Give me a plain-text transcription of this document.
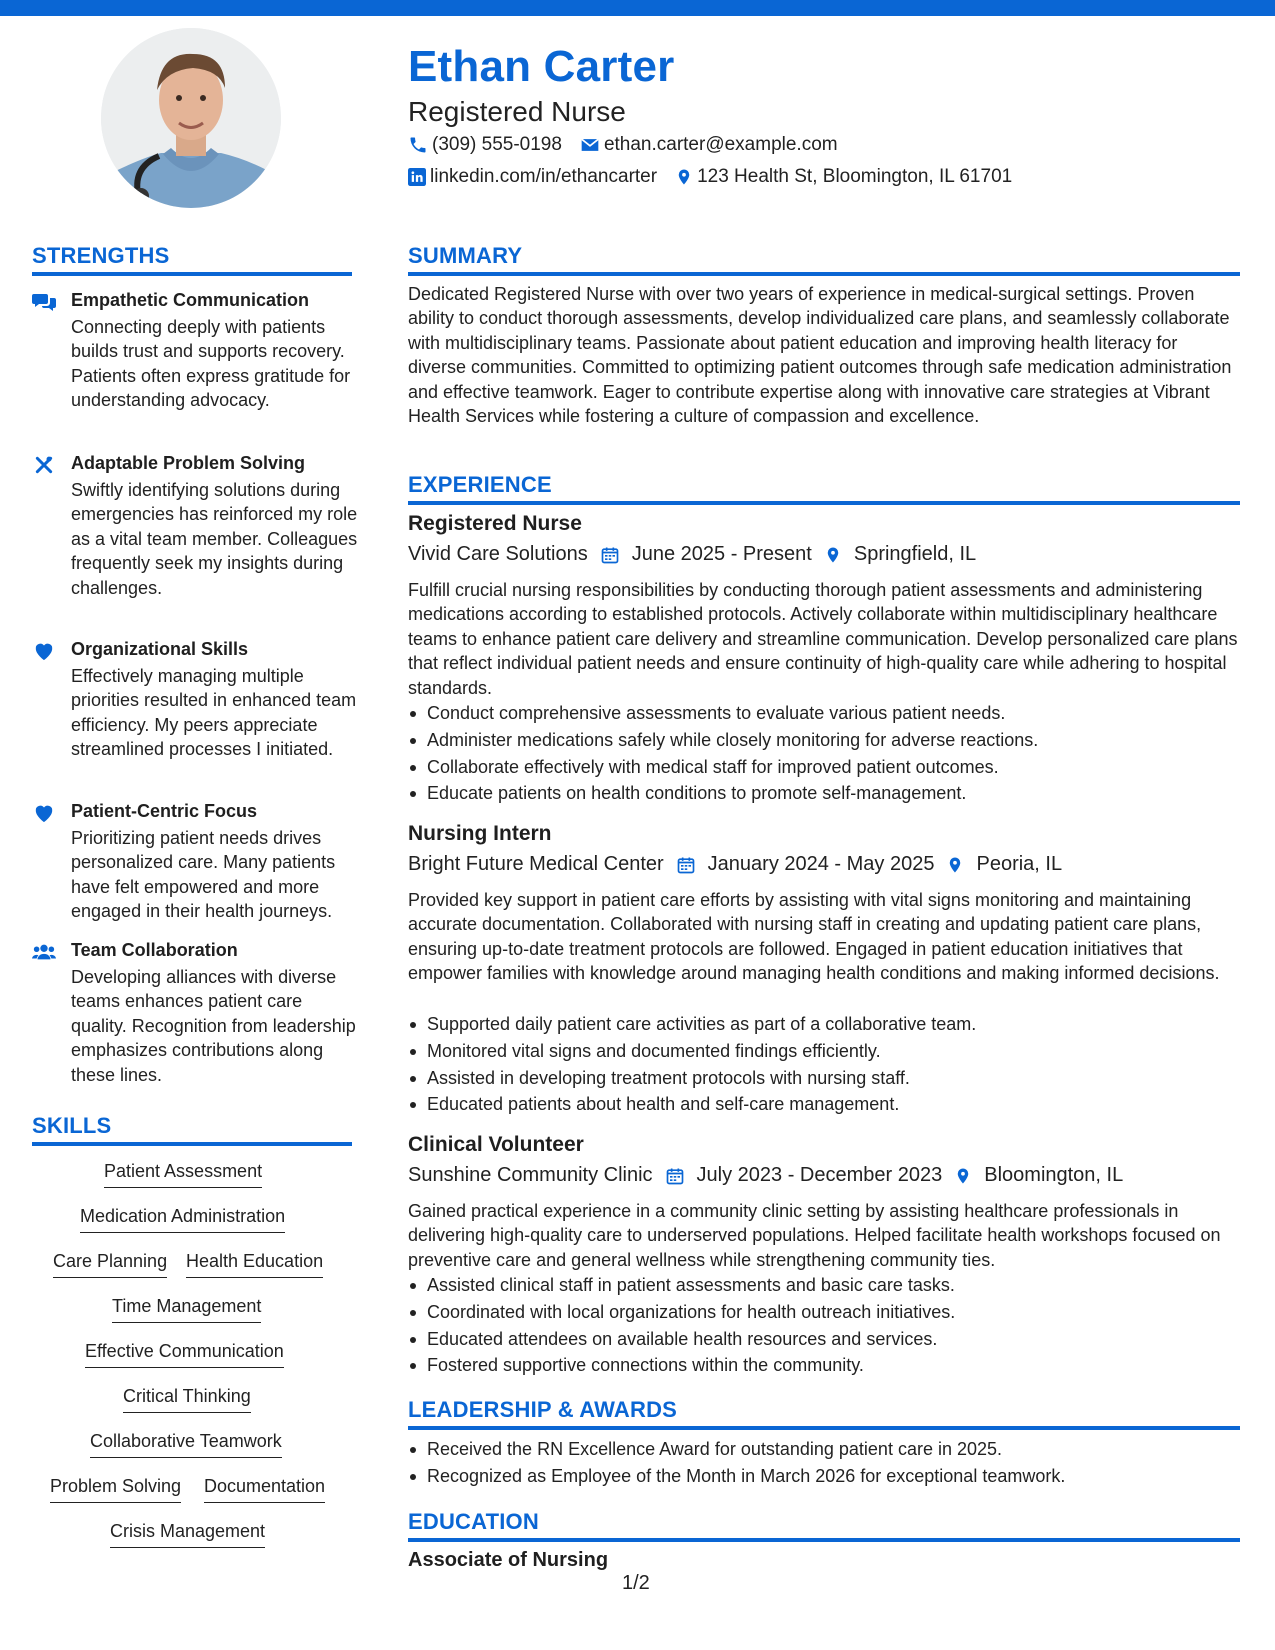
Ethan Carter
Registered Nurse
(309) 555-0198 ethan.carter@example.com
linkedin.com/in/ethancarter 123 Health St, Bloomington, IL 61701
STRENGTHS
Empathetic Communication
Connecting deeply with patients builds trust and supports recovery. Patients often express gratitude for understanding advocacy.
Adaptable Problem Solving
Swiftly identifying solutions during emergencies has reinforced my role as a vital team member. Colleagues frequently seek my insights during challenges.
Organizational Skills
Effectively managing multiple priorities resulted in enhanced team efficiency. My peers appreciate streamlined processes I initiated.
Patient-Centric Focus
Prioritizing patient needs drives personalized care. Many patients have felt empowered and more engaged in their health journeys.
Team Collaboration
Developing alliances with diverse teams enhances patient care quality. Recognition from leadership emphasizes contributions along these lines.
SKILLS
Patient Assessment
Medication Administration
Care Planning Health Education
Time Management
Effective Communication
Critical Thinking
Collaborative Teamwork
Problem Solving Documentation
Crisis Management
SUMMARY
Dedicated Registered Nurse with over two years of experience in medical-surgical settings. Proven ability to conduct thorough assessments, develop individualized care plans, and seamlessly collaborate with multidisciplinary teams. Passionate about patient education and improving health literacy for diverse communities. Committed to optimizing patient outcomes through safe medication administration and effective teamwork. Eager to contribute expertise along with innovative care strategies at Vibrant Health Services while fostering a culture of compassion and excellence.
EXPERIENCE
Registered Nurse
Vivid Care Solutions June 2025 - Present Springfield, IL
Fulfill crucial nursing responsibilities by conducting thorough patient assessments and administering medications according to established protocols. Actively collaborate within multidisciplinary healthcare teams to enhance patient care delivery and streamline communication. Develop personalized care plans that reflect individual patient needs and ensure continuity of high-quality care while adhering to hospital standards.
Conduct comprehensive assessments to evaluate various patient needs.
Administer medications safely while closely monitoring for adverse reactions.
Collaborate effectively with medical staff for improved patient outcomes.
Educate patients on health conditions to promote self-management.
Nursing Intern
Bright Future Medical Center January 2024 - May 2025 Peoria, IL
Provided key support in patient care efforts by assisting with vital signs monitoring and maintaining accurate documentation. Collaborated with nursing staff in creating and updating patient care plans, ensuring up-to-date treatment protocols are followed. Engaged in patient education initiatives that empower families with knowledge around managing health conditions and making informed decisions.
Supported daily patient care activities as part of a collaborative team.
Monitored vital signs and documented findings efficiently.
Assisted in developing treatment protocols with nursing staff.
Educated patients about health and self-care management.
Clinical Volunteer
Sunshine Community Clinic July 2023 - December 2023 Bloomington, IL
Gained practical experience in a community clinic setting by assisting healthcare professionals in delivering high-quality care to underserved populations. Helped facilitate health workshops focused on preventive care and general wellness while strengthening community ties.
Assisted clinical staff in patient assessments and basic care tasks.
Coordinated with local organizations for health outreach initiatives.
Educated attendees on available health resources and services.
Fostered supportive connections within the community.
LEADERSHIP & AWARDS
Received the RN Excellence Award for outstanding patient care in 2025.
Recognized as Employee of the Month in March 2026 for exceptional teamwork.
EDUCATION
Associate of Nursing
1/2
